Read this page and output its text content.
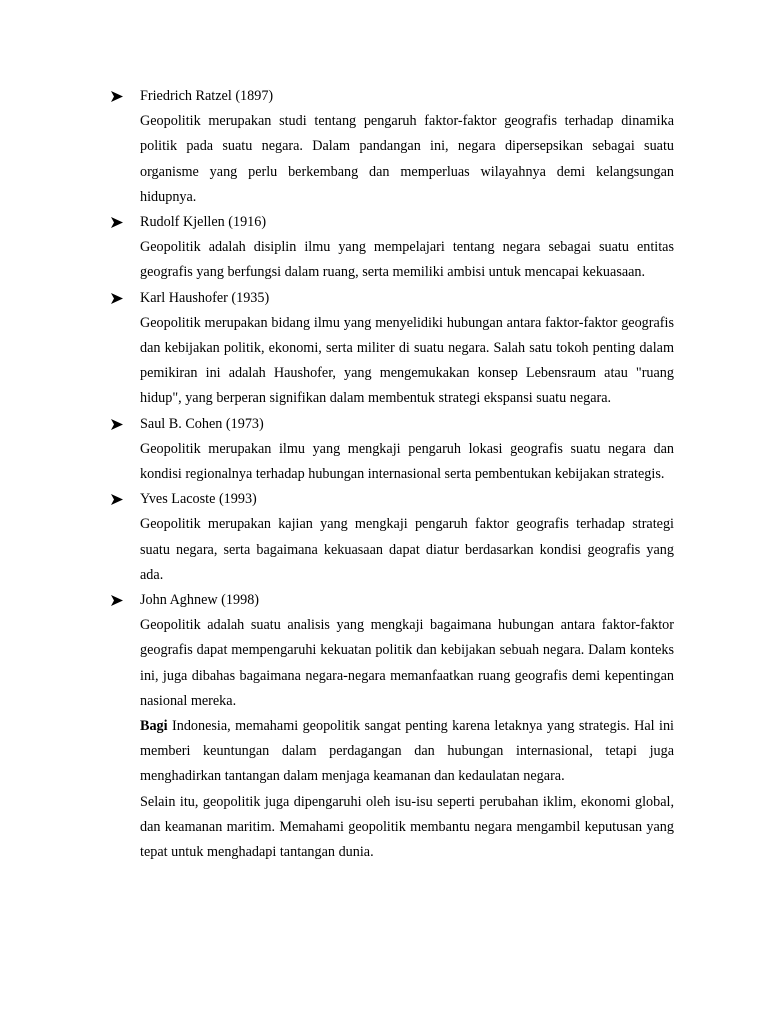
Friedrich Ratzel (1897)

Geopolitik merupakan studi tentang pengaruh faktor-faktor geografis terhadap dinamika politik pada suatu negara. Dalam pandangan ini, negara dipersepsikan sebagai suatu organisme yang perlu berkembang dan memperluas wilayahnya demi kelangsungan hidupnya.

Rudolf Kjellen (1916)

Geopolitik adalah disiplin ilmu yang mempelajari tentang negara sebagai suatu entitas geografis yang berfungsi dalam ruang, serta memiliki ambisi untuk mencapai kekuasaan.

Karl Haushofer (1935)

Geopolitik merupakan bidang ilmu yang menyelidiki hubungan antara faktor-faktor geografis dan kebijakan politik, ekonomi, serta militer di suatu negara. Salah satu tokoh penting dalam pemikiran ini adalah Haushofer, yang mengemukakan konsep Lebensraum atau "ruang hidup", yang berperan signifikan dalam membentuk strategi ekspansi suatu negara.

Saul B. Cohen (1973)

Geopolitik merupakan ilmu yang mengkaji pengaruh lokasi geografis suatu negara dan kondisi regionalnya terhadap hubungan internasional serta pembentukan kebijakan strategis.

Yves Lacoste (1993)

Geopolitik merupakan kajian yang mengkaji pengaruh faktor geografis terhadap strategi suatu negara, serta bagaimana kekuasaan dapat diatur berdasarkan kondisi geografis yang ada.

John Aghnew (1998)

Geopolitik adalah suatu analisis yang mengkaji bagaimana hubungan antara faktor-faktor geografis dapat mempengaruhi kekuatan politik dan kebijakan sebuah negara. Dalam konteks ini, juga dibahas bagaimana negara-negara memanfaatkan ruang geografis demi kepentingan nasional mereka.

Bagi Indonesia, memahami geopolitik sangat penting karena letaknya yang strategis. Hal ini memberi keuntungan dalam perdagangan dan hubungan internasional, tetapi juga menghadirkan tantangan dalam menjaga keamanan dan kedaulatan negara.

Selain itu, geopolitik juga dipengaruhi oleh isu-isu seperti perubahan iklim, ekonomi global, dan keamanan maritim. Memahami geopolitik membantu negara mengambil keputusan yang tepat untuk menghadapi tantangan dunia.
